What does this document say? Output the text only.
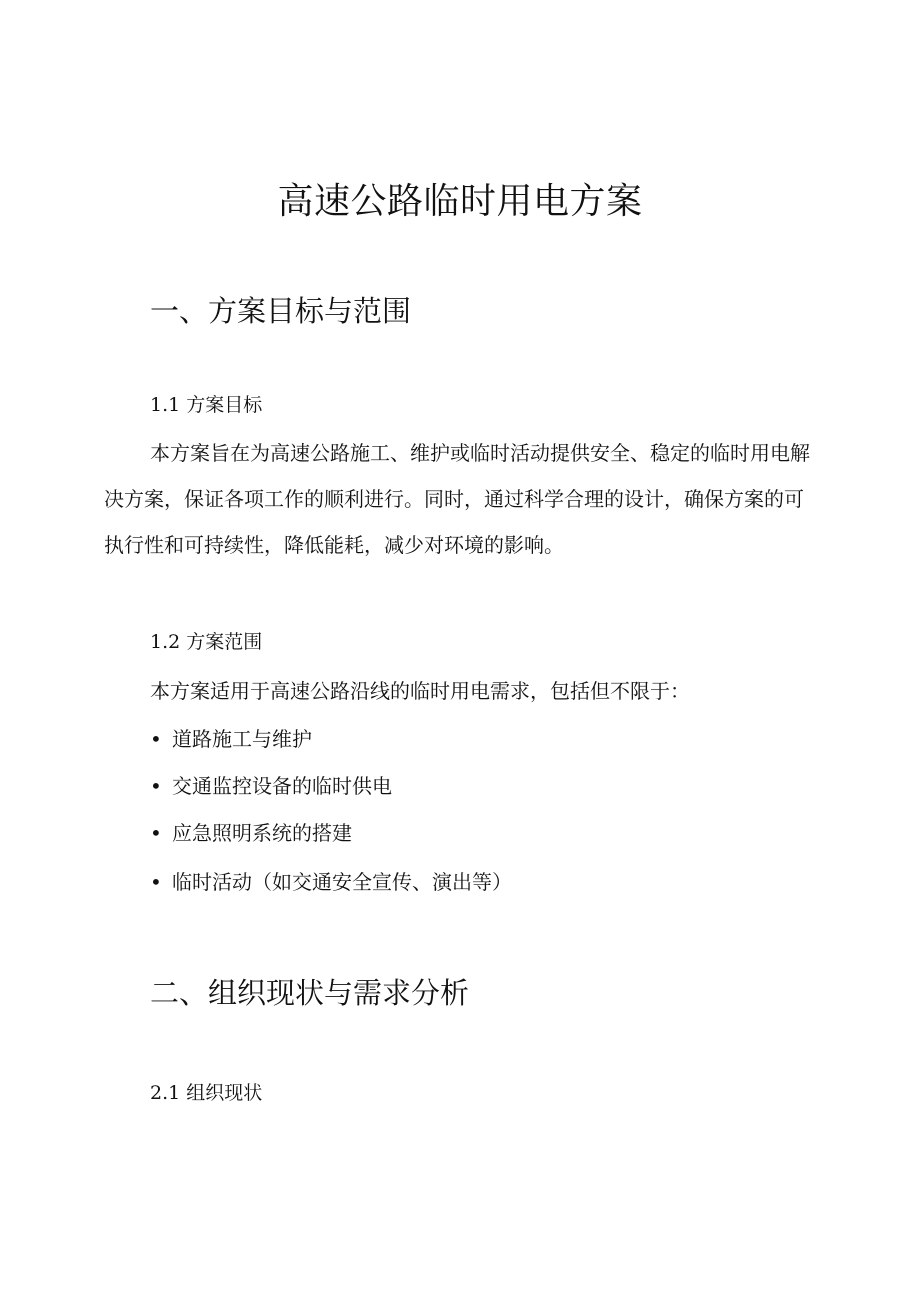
高速公路临时用电方案
一、方案目标与范围
1.1 方案目标
本方案旨在为高速公路施工、维护或临时活动提供安全、稳定的临时用电解决方案，保证各项工作的顺利进行。同时，通过科学合理的设计，确保方案的可执行性和可持续性，降低能耗，减少对环境的影响。
1.2 方案范围
本方案适用于高速公路沿线的临时用电需求，包括但不限于：
• 道路施工与维护
• 交通监控设备的临时供电
• 应急照明系统的搭建
• 临时活动（如交通安全宣传、演出等）
二、组织现状与需求分析
2.1 组织现状
